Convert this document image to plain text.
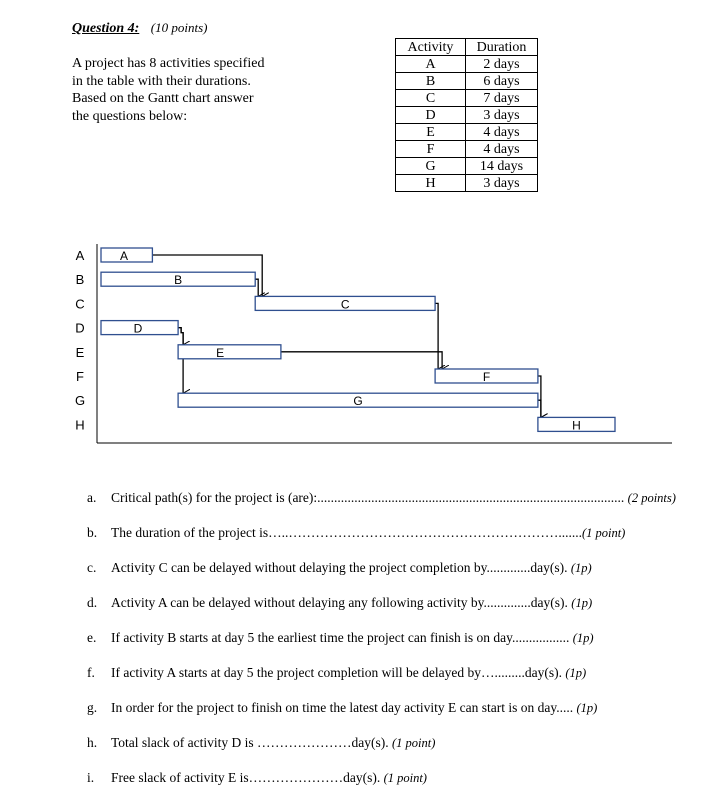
Question 4: (10 points)
A project has 8 activities specified in the table with their durations. Based on the Gantt chart answer the questions below:
Activity	Duration
A	2 days
B	6 days
C	7 days
D	3 days
E	4 days
F	4 days
G	14 days
H	3 days
A
B
C
D
E
F
G
H
A
B
C
D
E
F
G
H
a. Critical path(s) for the project is (are):........................................................................................... (2 points)
b. The duration of the project is…..…………………………………………………….......(1 point)
c. Activity C can be delayed without delaying the project completion by.............day(s). (1p)
d. Activity A can be delayed without delaying any following activity by..............day(s). (1p)
e. If activity B starts at day 5 the earliest time the project can finish is on day................. (1p)
f. If activity A starts at day 5 the project completion will be delayed by….........day(s). (1p)
g. In order for the project to finish on time the latest day activity E can start is on day..... (1p)
h. Total slack of activity D is …………………day(s). (1 point)
i. Free slack of activity E is…………………day(s). (1 point)
